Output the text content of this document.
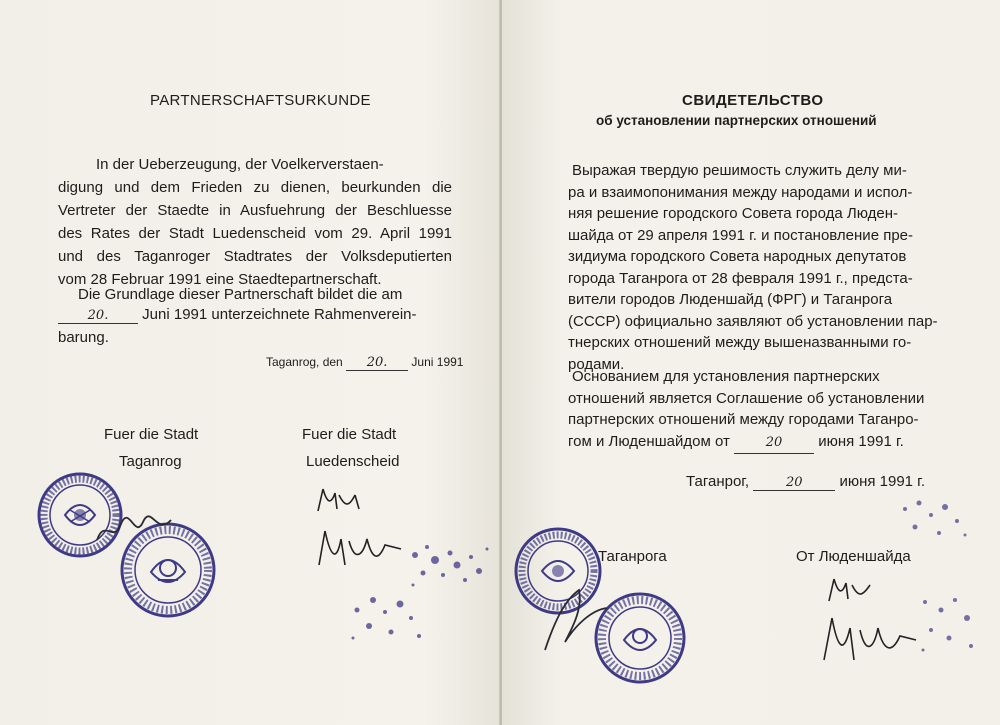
PARTNERSCHAFTSURKUNDE
In der Ueberzeugung, der Voelkerverstaen-
digung und dem Frieden zu dienen, beurkunden die
Vertreter der Staedte in Ausfuehrung der Beschluesse
des Rates der Stadt Luedenscheid vom 29. April 1991
und des Taganroger Stadtrates der Volksdeputierten
vom 28 Februar 1991 eine Staedtepartnerschaft.
Die Grundlage dieser Partnerschaft bildet die am
20. Juni 1991 unterzeichnete Rahmenverein-
barung.
Taganrog, den 20. Juni 1991
Fuer die Stadt
Taganrog
Fuer die Stadt
Luedenscheid
СВИДЕТЕЛЬСТВО
об установлении партнерских отношений
Выражая твердую решимость служить делу ми-
ра и взаимопонимания между народами и испол-
няя решение городского Совета города Люден-
шайда от 29 апреля 1991 г. и постановление пре-
зидиума городского Совета народных депутатов
города Таганрога от 28 февраля 1991 г., предста-
вители городов Люденшайд (ФРГ) и Таганрога
(СССР) официально заявляют об установлении пар-
тнерских отношений между вышеназванными го-
родами.
Основанием для установления партнерских
отношений является Соглашение об установлении
партнерских отношений между городами Таганро-
гом и Люденшайдом от	20 июня 1991 г.
Таганрог,	20 июня 1991 г.
Таганрога	От Люденшайда
